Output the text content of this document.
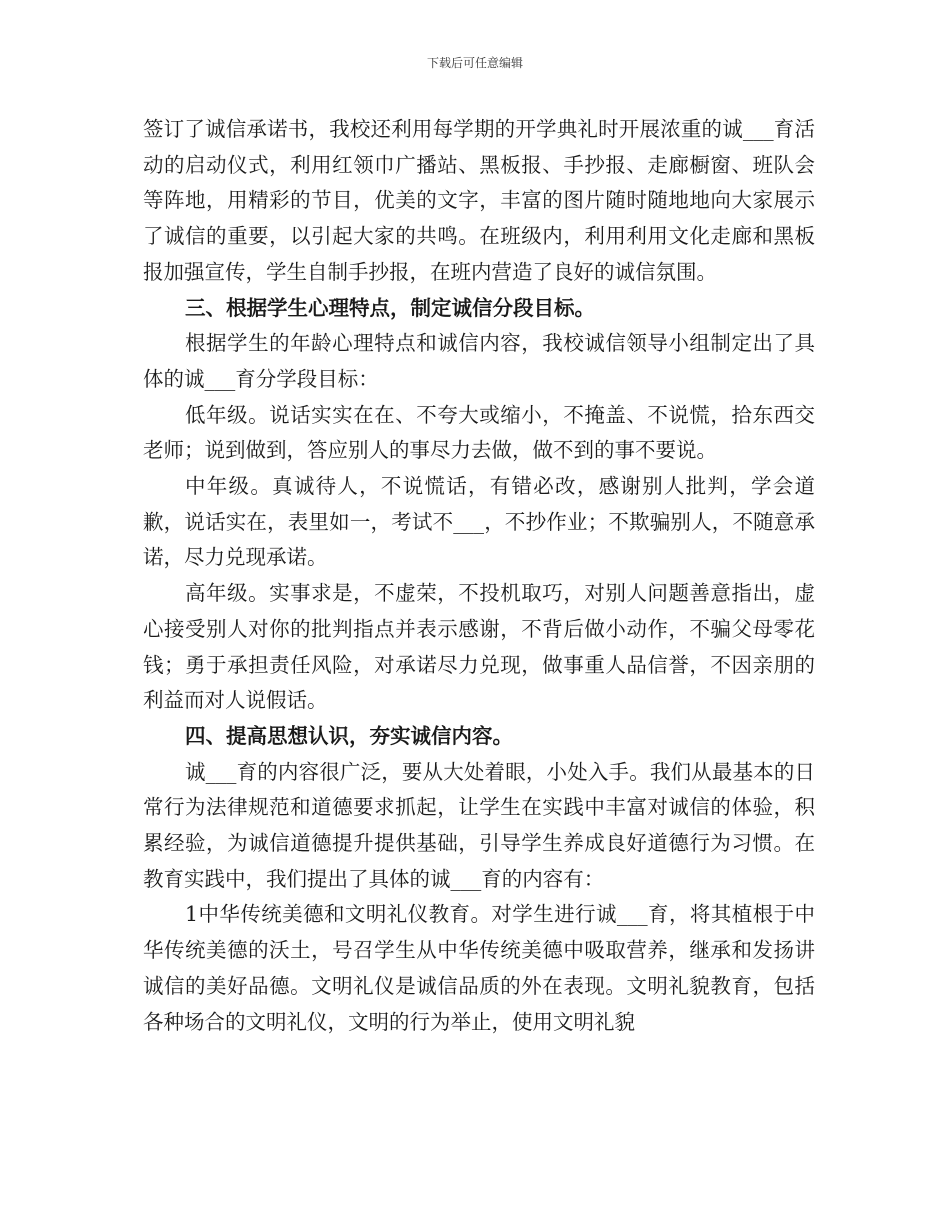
下载后可任意编辑

签订了诚信承诺书，我校还利用每学期的开学典礼时开展浓重的诚___育活动的启动仪式，利用红领巾广播站、黑板报、手抄报、走廊橱窗、班队会等阵地，用精彩的节目，优美的文字，丰富的图片随时随地地向大家展示了诚信的重要，以引起大家的共鸣。在班级内，利用利用文化走廊和黑板报加强宣传，学生自制手抄报，在班内营造了良好的诚信氛围。

三、根据学生心理特点，制定诚信分段目标。

根据学生的年龄心理特点和诚信内容，我校诚信领导小组制定出了具体的诚___育分学段目标：

低年级。说话实实在在、不夸大或缩小，不掩盖、不说慌，拾东西交老师；说到做到，答应别人的事尽力去做，做不到的事不要说。

中年级。真诚待人，不说慌话，有错必改，感谢别人批判，学会道歉，说话实在，表里如一，考试不___，不抄作业；不欺骗别人，不随意承诺，尽力兑现承诺。

高年级。实事求是，不虚荣，不投机取巧，对别人问题善意指出，虚心接受别人对你的批判指点并表示感谢，不背后做小动作，不骗父母零花钱；勇于承担责任风险，对承诺尽力兑现，做事重人品信誉，不因亲朋的利益而对人说假话。

四、提高思想认识，夯实诚信内容。

诚___育的内容很广泛，要从大处着眼，小处入手。我们从最基本的日常行为法律规范和道德要求抓起，让学生在实践中丰富对诚信的体验，积累经验，为诚信道德提升提供基础，引导学生养成良好道德行为习惯。在教育实践中，我们提出了具体的诚___育的内容有：

1中华传统美德和文明礼仪教育。对学生进行诚___育，将其植根于中华传统美德的沃土，号召学生从中华传统美德中吸取营养，继承和发扬讲诚信的美好品德。文明礼仪是诚信品质的外在表现。文明礼貌教育，包括各种场合的文明礼仪，文明的行为举止，使用文明礼貌
